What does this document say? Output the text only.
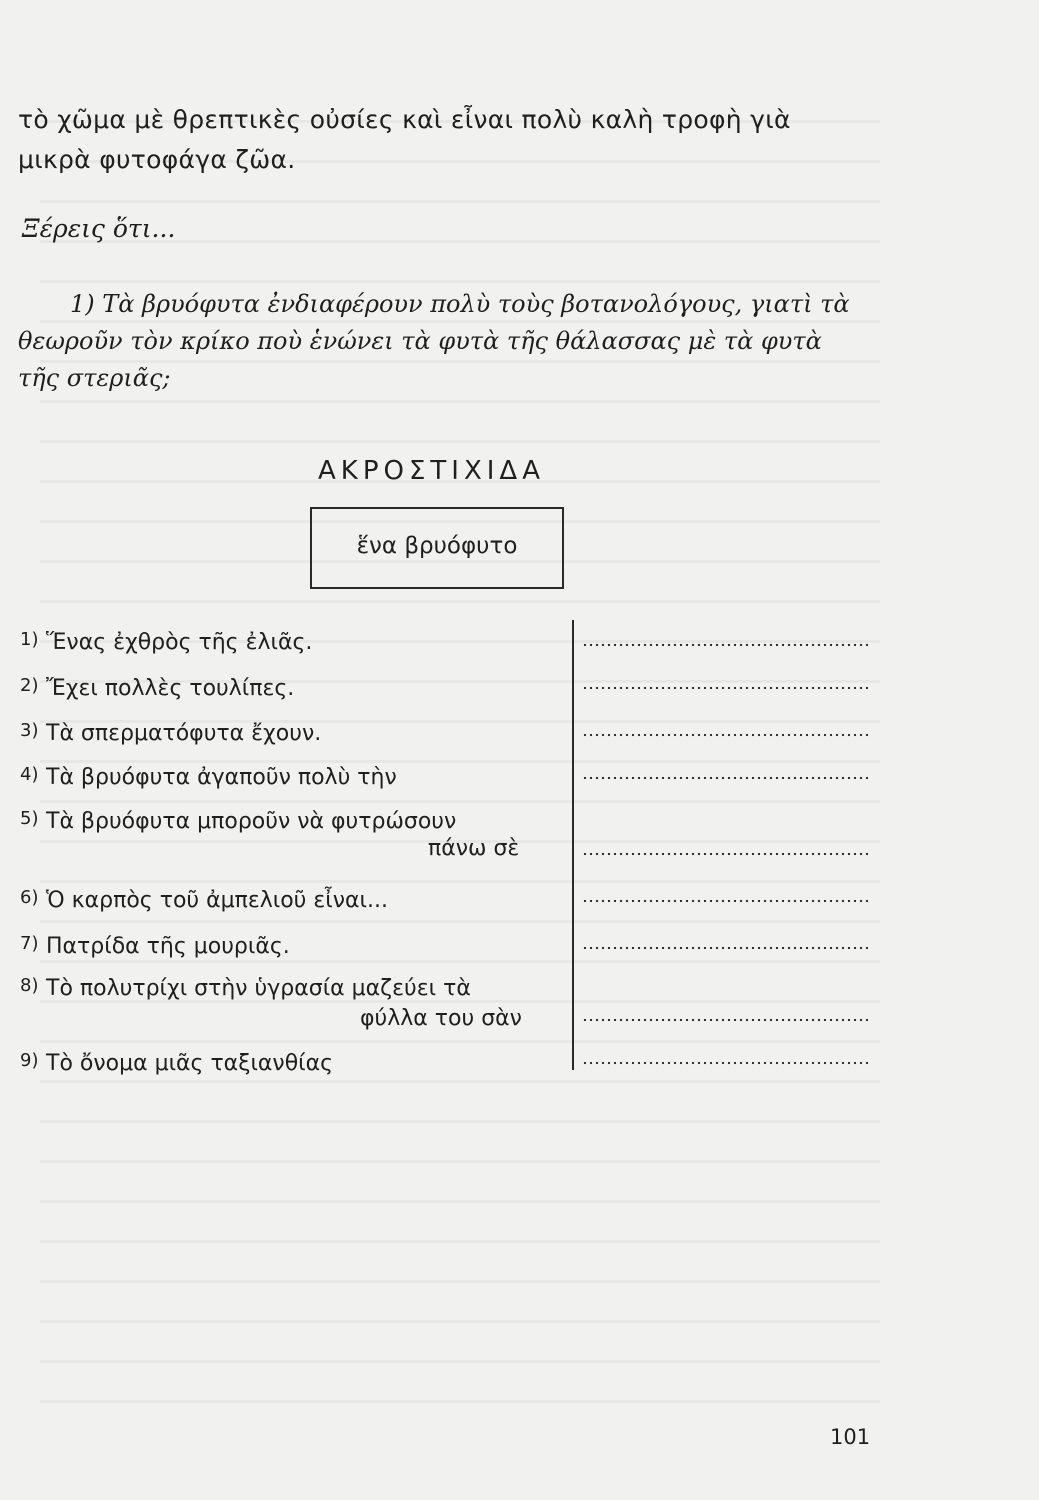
τὸ χῶμα μὲ θρεπτικὲς οὐσίες καὶ εἶναι πολὺ καλὴ τροφὴ γιὰ μικρὰ φυτοφάγα ζῶα.
Ξέρεις ὅτι...
1) Τὰ βρυόφυτα ἐνδιαφέρουν πολὺ τοὺς βοτανολόγους, γιατὶ τὰ θεωροῦν τὸν κρίκο ποὺ ἑνώνει τὰ φυτὰ τῆς θάλασσας μὲ τὰ φυτὰ τῆς στεριᾶς;
ΑΚΡΟΣΤΙΧΙΔΑ
ἕνα βρυόφυτο
1) Ἕνας ἐχθρὸς τῆς ἐλιᾶς.
2) Ἔχει πολλὲς τουλίπες.
3) Τὰ σπερματόφυτα ἔχουν.
4) Τὰ βρυόφυτα ἀγαποῦν πολὺ τὴν
5) Τὰ βρυόφυτα μποροῦν νὰ φυτρώσουν
πάνω σὲ
6) Ὁ καρπὸς τοῦ ἀμπελιοῦ εἶναι...
7) Πατρίδα τῆς μουριᾶς.
8) Τὸ πολυτρίχι στὴν ὑγρασία μαζεύει τὰ
φύλλα του σὰν
9) Τὸ ὄνομα μιᾶς ταξιανθίας
101
